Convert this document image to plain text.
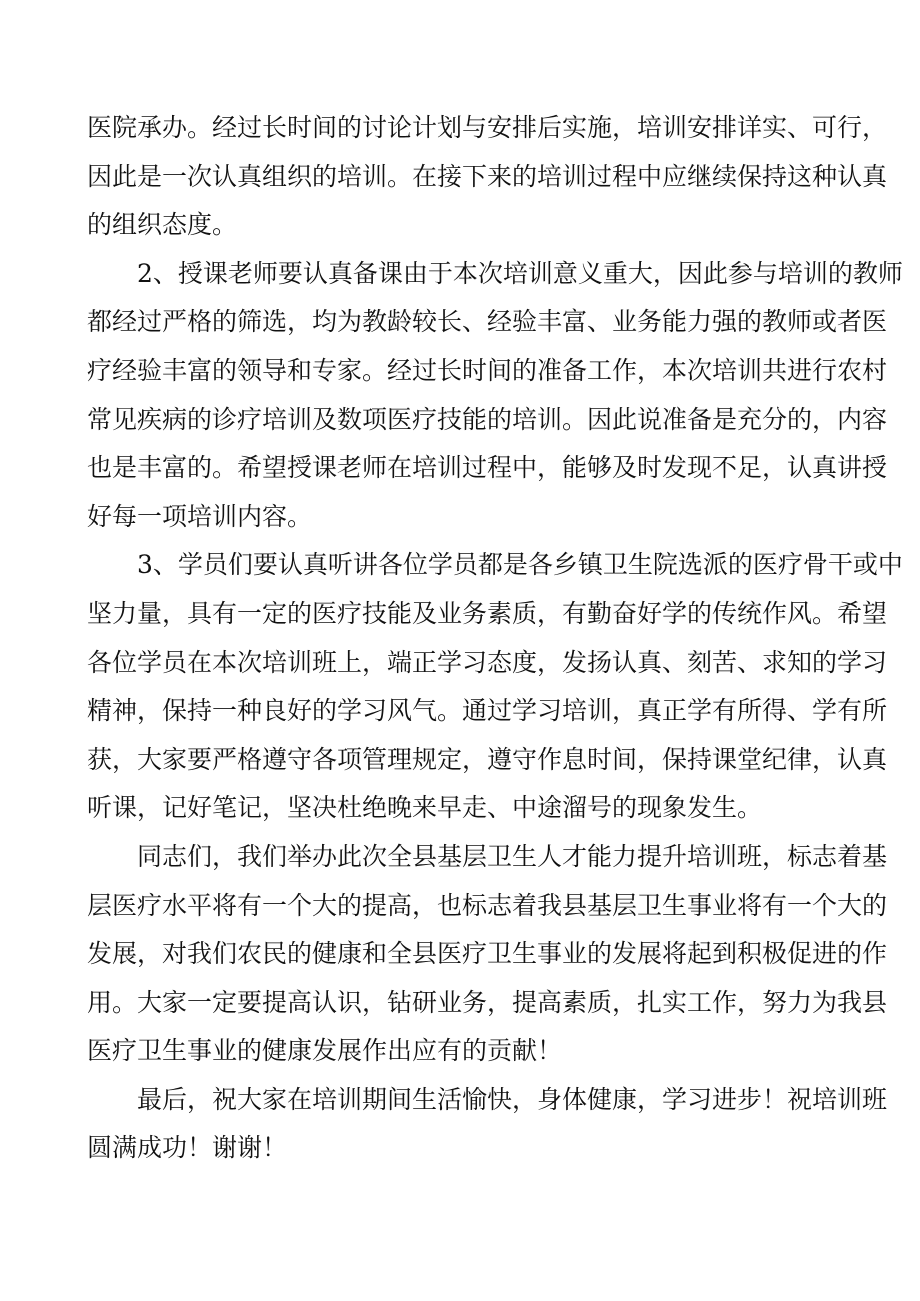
医院承办。经过长时间的讨论计划与安排后实施，培训安排详实、可行，
因此是一次认真组织的培训。在接下来的培训过程中应继续保持这种认真
的组织态度。
2、授课老师要认真备课由于本次培训意义重大，因此参与培训的教师
都经过严格的筛选，均为教龄较长、经验丰富、业务能力强的教师或者医
疗经验丰富的领导和专家。经过长时间的准备工作，本次培训共进行农村
常见疾病的诊疗培训及数项医疗技能的培训。因此说准备是充分的，内容
也是丰富的。希望授课老师在培训过程中，能够及时发现不足，认真讲授
好每一项培训内容。
3、学员们要认真听讲各位学员都是各乡镇卫生院选派的医疗骨干或中
坚力量，具有一定的医疗技能及业务素质，有勤奋好学的传统作风。希望
各位学员在本次培训班上，端正学习态度，发扬认真、刻苦、求知的学习
精神，保持一种良好的学习风气。通过学习培训，真正学有所得、学有所
获，大家要严格遵守各项管理规定，遵守作息时间，保持课堂纪律，认真
听课，记好笔记，坚决杜绝晚来早走、中途溜号的现象发生。
同志们，我们举办此次全县基层卫生人才能力提升培训班，标志着基
层医疗水平将有一个大的提高，也标志着我县基层卫生事业将有一个大的
发展，对我们农民的健康和全县医疗卫生事业的发展将起到积极促进的作
用。大家一定要提高认识，钻研业务，提高素质，扎实工作，努力为我县
医疗卫生事业的健康发展作出应有的贡献！
最后，祝大家在培训期间生活愉快，身体健康，学习进步！祝培训班
圆满成功！谢谢！
